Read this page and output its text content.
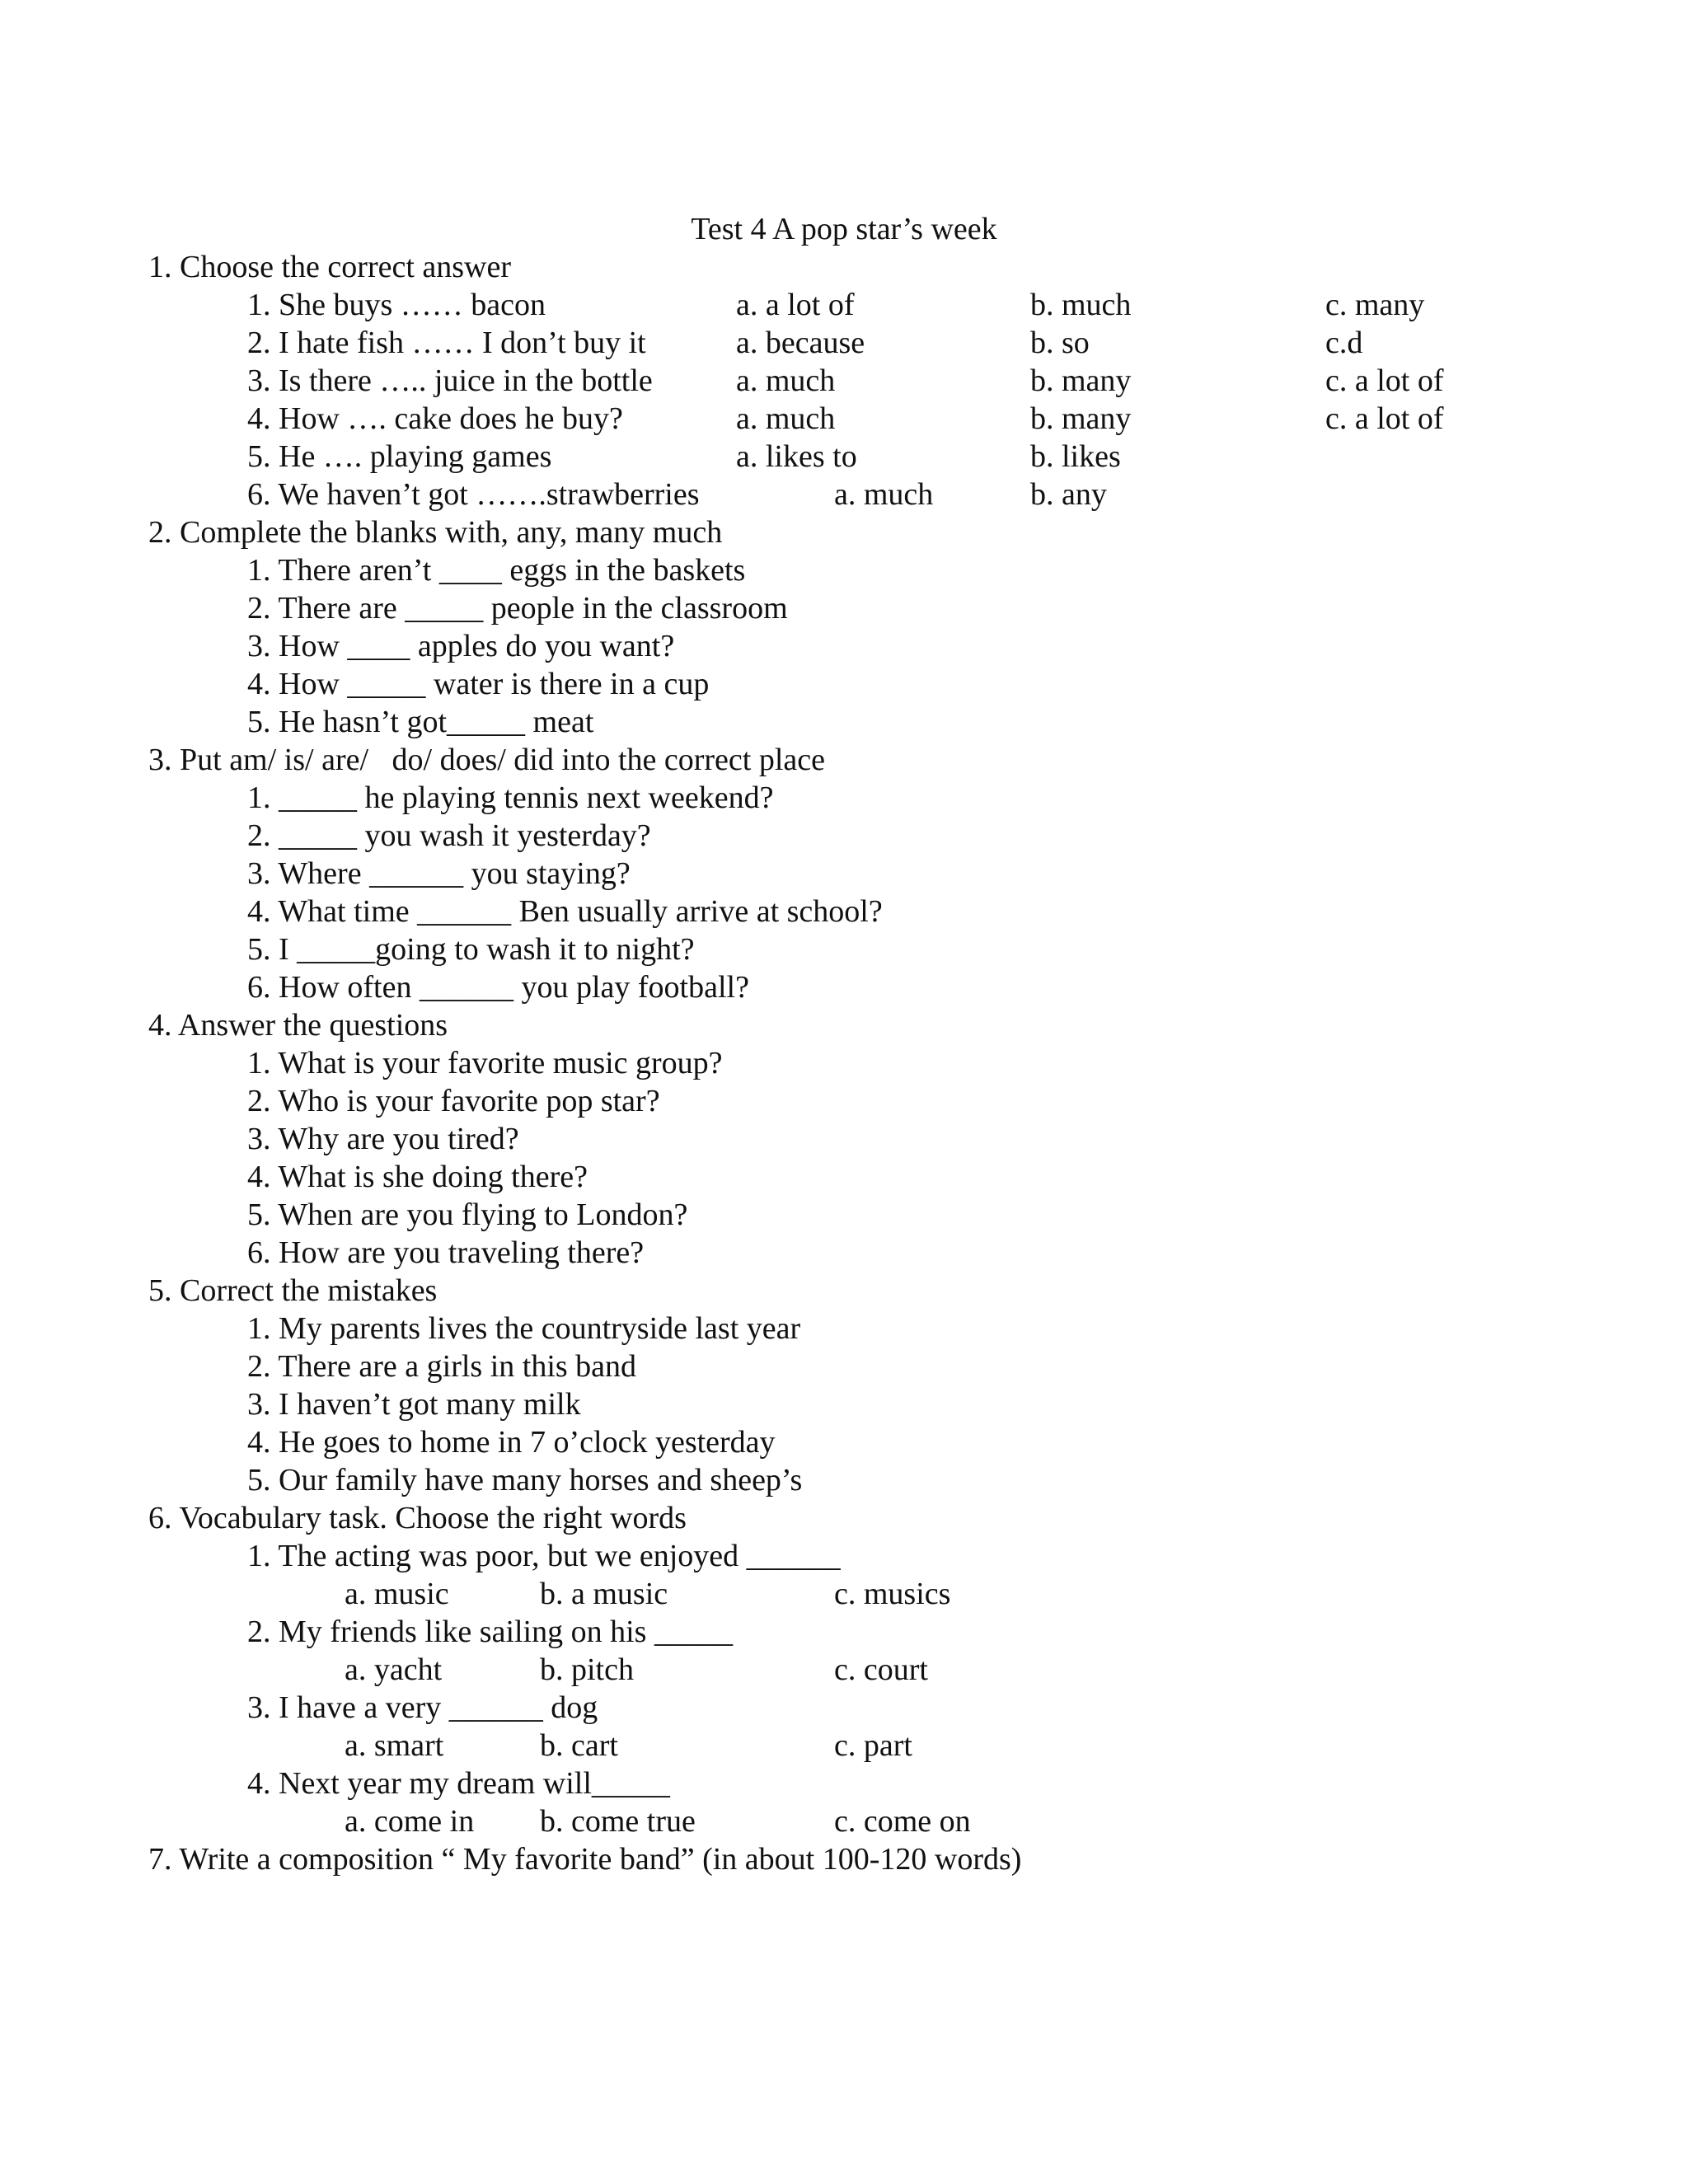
Test 4 A pop star’s week
1. Choose the correct answer
1. She buys …… bacon	a. a lot of	b. much	c. many
2. I hate fish …… I don’t buy it	a. because	b. so	c.d
3. Is there ….. juice in the bottle	a. much	b. many	c. a lot of
4. How …. cake does he buy?	a. much	b. many	c. a lot of
5. He …. playing games	a. likes to	b. likes
6. We haven’t got …….strawberries	a. much	b. any
2. Complete the blanks with, any, many much
1. There aren’t ____ eggs in the baskets
2. There are _____ people in the classroom
3. How ____ apples do you want?
4. How _____ water is there in a cup
5. He hasn’t got_____ meat
3. Put am/ is/ are/   do/ does/ did into the correct place
1. _____ he playing tennis next weekend?
2. _____ you wash it yesterday?
3. Where ______ you staying?
4. What time ______ Ben usually arrive at school?
5. I _____going to wash it to night?
6. How often ______ you play football?
4. Answer the questions
1. What is your favorite music group?
2. Who is your favorite pop star?
3. Why are you tired?
4. What is she doing there?
5. When are you flying to London?
6. How are you traveling there?
5. Correct the mistakes
1. My parents lives the countryside last year
2. There are a girls in this band
3. I haven’t got many milk
4. He goes to home in 7 o’clock yesterday
5. Our family have many horses and sheep’s
6. Vocabulary task. Choose the right words
1. The acting was poor, but we enjoyed ______
a. music	b. a music	c. musics
2. My friends like sailing on his _____
a. yacht	b. pitch	c. court
3. I have a very ______ dog
a. smart	b. cart	c. part
4. Next year my dream will_____
a. come in b. come true	c. come on
7. Write a composition “ My favorite band” (in about 100-120 words)
